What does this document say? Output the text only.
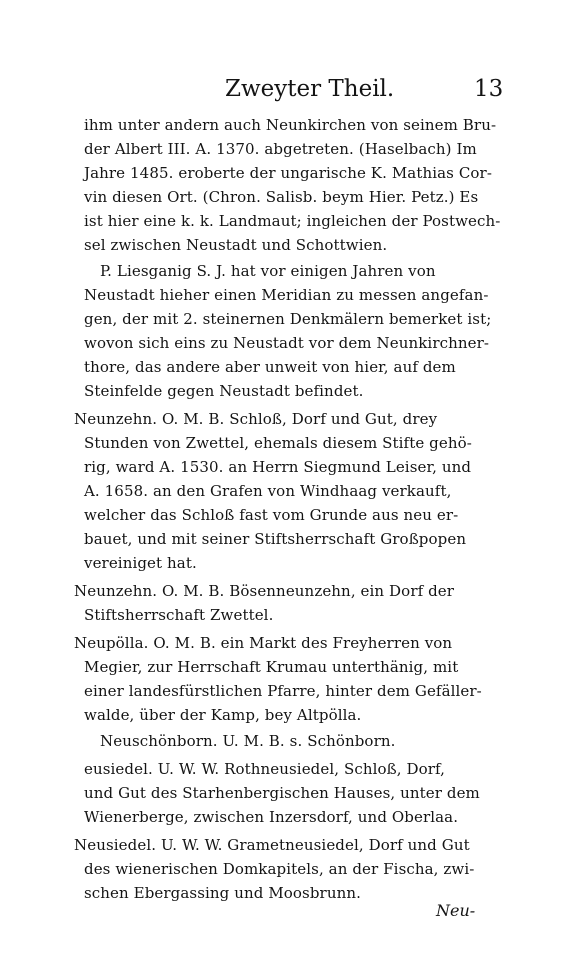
Zweyter Theil.	13
ihm unter andern auch Neunkirchen von seinem Bru-
der Albert III. A. 1370. abgetreten. (Haselbach) Im
Jahre 1485. eroberte der ungarische K. Mathias Cor-
vin diesen Ort. (Chron. Salisb. beym Hier. Petz.) Es
ist hier eine k. k. Landmaut; ingleichen der Postwech-
sel zwischen Neustadt und Schottwien.
P. Liesganig S. J. hat vor einigen Jahren von
Neustadt hieher einen Meridian zu messen angefan-
gen, der mit 2. steinernen Denkmälern bemerket ist;
wovon sich eins zu Neustadt vor dem Neunkirchner-
thore, das andere aber unweit von hier, auf dem
Steinfelde gegen Neustadt befindet.
Neunzehn. O. M. B. Schloß, Dorf und Gut, drey
Stunden von Zwettel, ehemals diesem Stifte gehö-
rig, ward A. 1530. an Herrn Siegmund Leiser, und
A. 1658. an den Grafen von Windhaag verkauft,
welcher das Schloß fast vom Grunde aus neu er-
bauet, und mit seiner Stiftsherrschaft Großpopen
vereiniget hat.
Neunzehn. O. M. B. Bösenneunzehn, ein Dorf der
Stiftsherrschaft Zwettel.
Neupölla. O. M. B. ein Markt des Freyherren von
Megier, zur Herrschaft Krumau unterthänig, mit
einer landesfürstlichen Pfarre, hinter dem Gefäller-
walde, über der Kamp, bey Altpölla.
Neuschönborn. U. M. B. s. Schönborn.
eusiedel. U. W. W. Rothneusiedel, Schloß, Dorf,
und Gut des Starhenbergischen Hauses, unter dem
Wienerberge, zwischen Inzersdorf, und Oberlaa.
Neusiedel. U. W. W. Grametneusiedel, Dorf und Gut
des wienerischen Domkapitels, an der Fischa, zwi-
schen Ebergassing und Moosbrunn.
Neu-
